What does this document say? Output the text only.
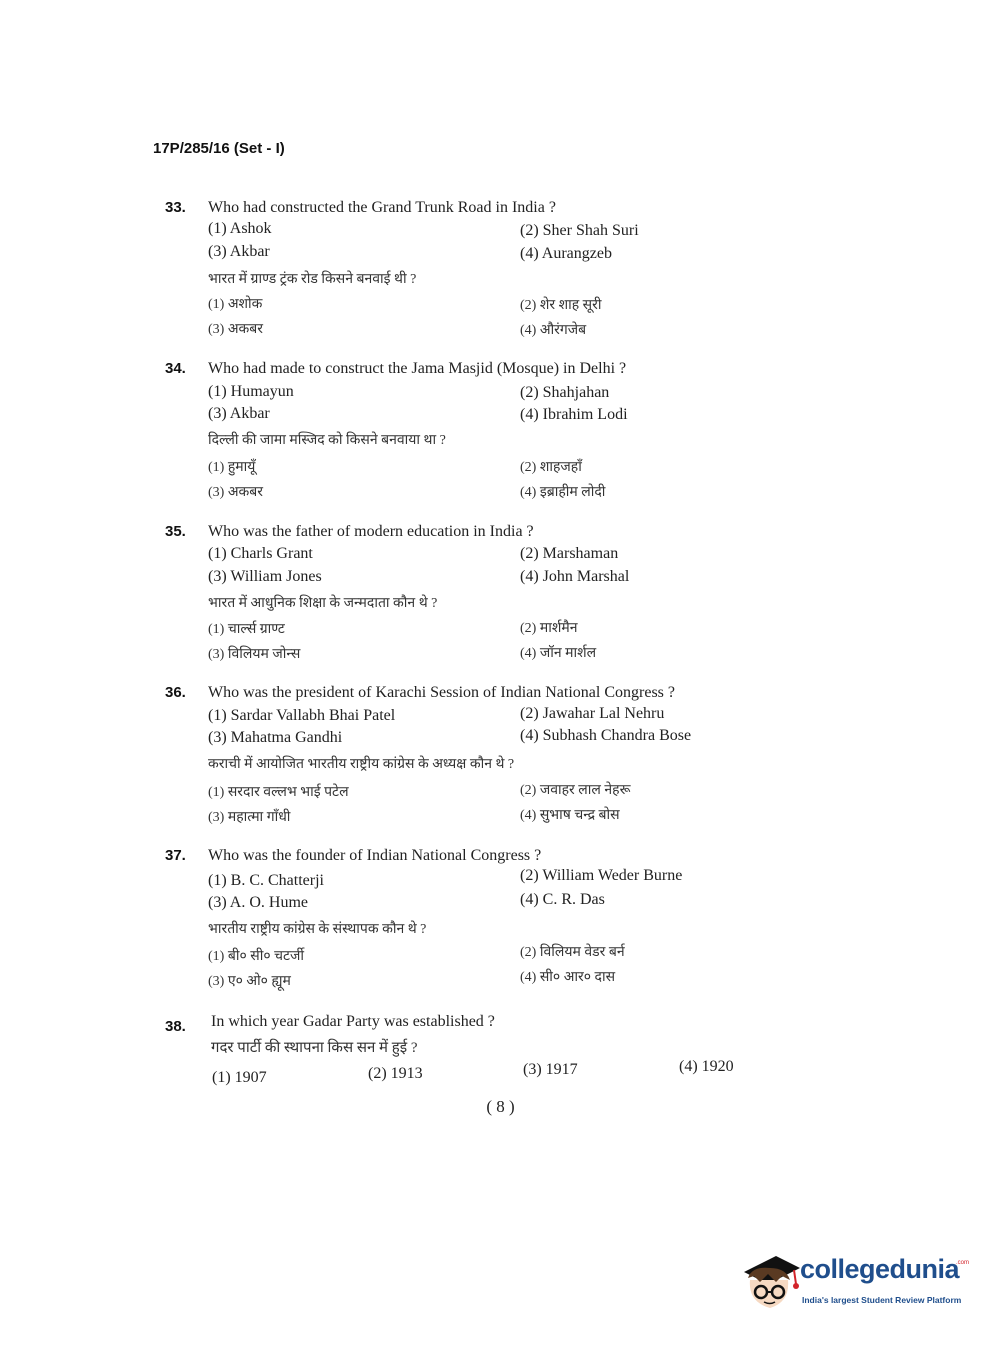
17P/285/16 (Set - I)
33. Who had constructed the Grand Trunk Road in India ?
(1) Ashok	(2) Sher Shah Suri
(3) Akbar	(4) Aurangzeb
भारत में ग्राण्ड ट्रंक रोड किसने बनवाई थी ?
(1) अशोक	(2) शेर शाह सूरी
(3) अकबर	(4) औरंगजेब
34. Who had made to construct the Jama Masjid (Mosque) in Delhi ?
(1) Humayun	(2) Shahjahan
(3) Akbar	(4) Ibrahim Lodi
दिल्ली की जामा मस्जिद को किसने बनवाया था ?
(1) हुमायूँ	(2) शाहजहाँ
(3) अकबर	(4) इब्राहीम लोदी
35. Who was the father of modern education in India ?
(1) Charls Grant	(2) Marshaman
(3) William Jones	(4) John Marshal
भारत में आधुनिक शिक्षा के जन्मदाता कौन थे ?
(1) चार्ल्स ग्राण्ट	(2) मार्शमैन
(3) विलियम जोन्स	(4) जॉन मार्शल
36. Who was the president of Karachi Session of Indian National Congress ?
(1) Sardar Vallabh Bhai Patel	(2) Jawahar Lal Nehru
(3) Mahatma Gandhi	(4) Subhash Chandra Bose
कराची में आयोजित भारतीय राष्ट्रीय कांग्रेस के अध्यक्ष कौन थे ?
(1) सरदार वल्लभ भाई पटेल	(2) जवाहर लाल नेहरू
(3) महात्मा गाँधी	(4) सुभाष चन्द्र बोस
37. Who was the founder of Indian National Congress ?
(1) B. C. Chatterji	(2) William Weder Burne
(3) A. O. Hume	(4) C. R. Das
भारतीय राष्ट्रीय कांग्रेस के संस्थापक कौन थे ?
(1) बी० सी० चटर्जी	(2) विलियम वेडर बर्न
(3) ए० ओ० ह्यूम	(4) सी० आर० दास
38. In which year Gadar Party was established ?
गदर पार्टी की स्थापना किस सन में हुई ?
(1) 1907	(2) 1913	(3) 1917	(4) 1920
( 8 )
collegedunia
.com
India's largest Student Review Platform
